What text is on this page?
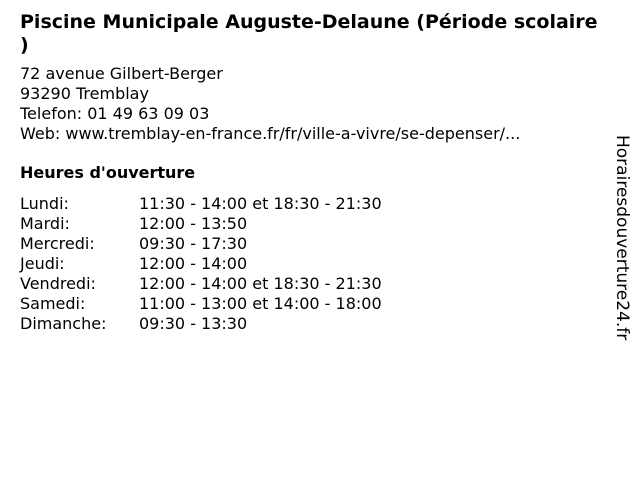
Piscine Municipale Auguste-Delaune (Période scolaire
)
72 avenue Gilbert-Berger
93290 Tremblay
Telefon: 01 49 63 09 03
Web: www.tremblay-en-france.fr/fr/ville-a-vivre/se-depenser/...
Heures d'ouverture
Lundi:	11:30 - 14:00 et 18:30 - 21:30
Mardi:	12:00 - 13:50
Mercredi:	09:30 - 17:30
Jeudi:	12:00 - 14:00
Vendredi:	12:00 - 14:00 et 18:30 - 21:30
Samedi:	11:00 - 13:00 et 14:00 - 18:00
Dimanche: 09:30 - 13:30	Horairesdouverture24.fr
